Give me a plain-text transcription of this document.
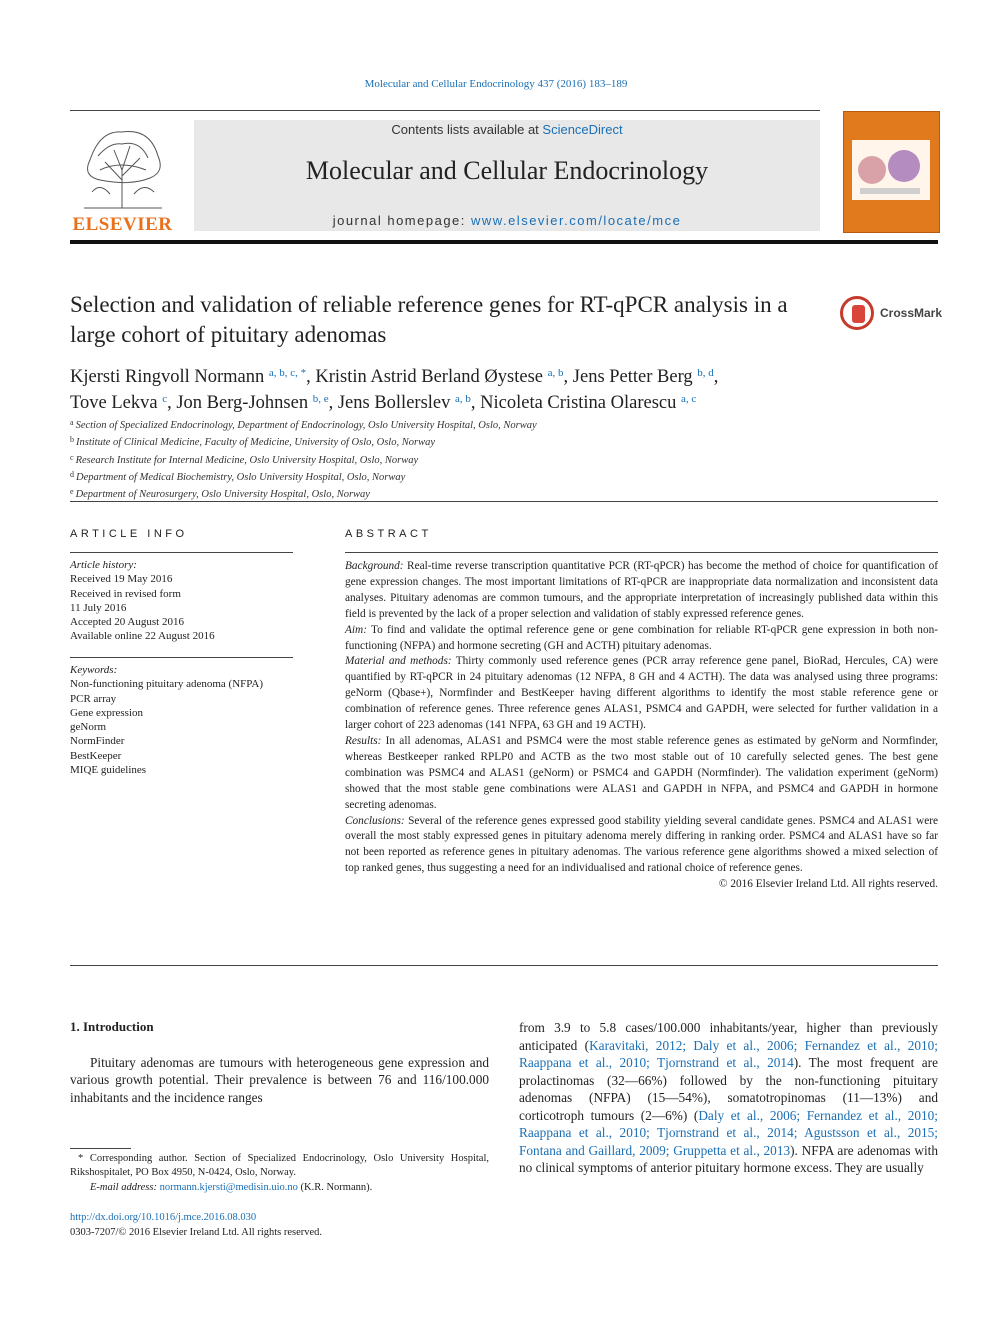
Molecular and Cellular Endocrinology 437 (2016) 183–189
ELSEVIER
Contents lists available at ScienceDirect
Molecular and Cellular Endocrinology
journal homepage: www.elsevier.com/locate/mce
Selection and validation of reliable reference genes for RT-qPCR analysis in a large cohort of pituitary adenomas
CrossMark
Kjersti Ringvoll Normann $^{a, b, c, *}$, Kristin Astrid Berland Øystese $^{a, b}$, Jens Petter Berg $^{b, d}$,
Tove Lekva $^c$, Jon Berg-Johnsen $^{b, e}$, Jens Bollerslev $^{a, b}$, Nicoleta Cristina Olarescu $^{a, c}$
$^a$ Section of Specialized Endocrinology, Department of Endocrinology, Oslo University Hospital, Oslo, Norway
$^b$ Institute of Clinical Medicine, Faculty of Medicine, University of Oslo, Oslo, Norway
$^c$ Research Institute for Internal Medicine, Oslo University Hospital, Oslo, Norway
$^d$ Department of Medical Biochemistry, Oslo University Hospital, Oslo, Norway
$^e$ Department of Neurosurgery, Oslo University Hospital, Oslo, Norway
ARTICLE INFO
Article history:
Received 19 May 2016
Received in revised form
11 July 2016
Accepted 20 August 2016
Available online 22 August 2016
Keywords:
Non-functioning pituitary adenoma (NFPA)
PCR array
Gene expression
geNorm
NormFinder
BestKeeper
MIQE guidelines
ABSTRACT
Background: Real-time reverse transcription quantitative PCR (RT-qPCR) has become the method of choice for quantification of gene expression changes. The most important limitations of RT-qPCR are inappropriate data normalization and inconsistent data analyses. Pituitary adenomas are common tumours, and the appropriate interpretation of increasingly published data within this field is prevented by the lack of a proper selection and validation of stably expressed reference genes.
Aim: To find and validate the optimal reference gene or gene combination for reliable RT-qPCR gene expression in both non-functioning (NFPA) and hormone secreting (GH and ACTH) pituitary adenomas.
Material and methods: Thirty commonly used reference genes (PCR array reference gene panel, BioRad, Hercules, CA) were quantified by RT-qPCR in 24 pituitary adenomas (12 NFPA, 8 GH and 4 ACTH). The data was analysed using three programs: geNorm (Qbase+), Normfinder and BestKeeper having different algorithms to identify the most stable reference gene or combination of reference genes. Three reference genes ALAS1, PSMC4 and GAPDH, were selected for further validation in a larger cohort of 223 adenomas (141 NFPA, 63 GH and 19 ACTH).
Results: In all adenomas, ALAS1 and PSMC4 were the most stable reference genes as estimated by geNorm and Normfinder, whereas Bestkeeper ranked RPLP0 and ACTB as the two most stable out of 10 carefully selected genes. The best gene combination was PSMC4 and ALAS1 (geNorm) or PSMC4 and GAPDH (Normfinder). The validation experiment (geNorm) showed that the most stable gene combinations were ALAS1 and GAPDH in NFPA, and PSMC4 and GAPDH in hormone secreting adenomas.
Conclusions: Several of the reference genes expressed good stability yielding several candidate genes. PSMC4 and ALAS1 were overall the most stably expressed genes in pituitary adenoma merely differing in ranking order. PSMC4 and ALAS1 have so far not been reported as reference genes in pituitary adenomas. The various reference gene algorithms showed a mixed selection of top ranked genes, thus suggesting a need for an individualised and rational choice of reference genes.
© 2016 Elsevier Ireland Ltd. All rights reserved.
1. Introduction
Pituitary adenomas are tumours with heterogeneous gene expression and various growth potential. Their prevalence is between 76 and 116/100.000 inhabitants and the incidence ranges
from 3.9 to 5.8 cases/100.000 inhabitants/year, higher than previously anticipated (Karavitaki, 2012; Daly et al., 2006; Fernandez et al., 2010; Raappana et al., 2010; Tjornstrand et al., 2014). The most frequent are prolactinomas (32—66%) followed by the non-functioning pituitary adenomas (NFPA) (15—54%), somatotropinomas (11—13%) and corticotroph tumours (2—6%) (Daly et al., 2006; Fernandez et al., 2010; Raappana et al., 2010; Tjornstrand et al., 2014; Agustsson et al., 2015; Fontana and Gaillard, 2009; Gruppetta et al., 2013). NFPA are adenomas with no clinical symptoms of anterior pituitary hormone excess. They are usually
* Corresponding author. Section of Specialized Endocrinology, Oslo University Hospital, Rikshospitalet, PO Box 4950, N-0424, Oslo, Norway.
E-mail address: normann.kjersti@medisin.uio.no (K.R. Normann).
http://dx.doi.org/10.1016/j.mce.2016.08.030
0303-7207/© 2016 Elsevier Ireland Ltd. All rights reserved.
